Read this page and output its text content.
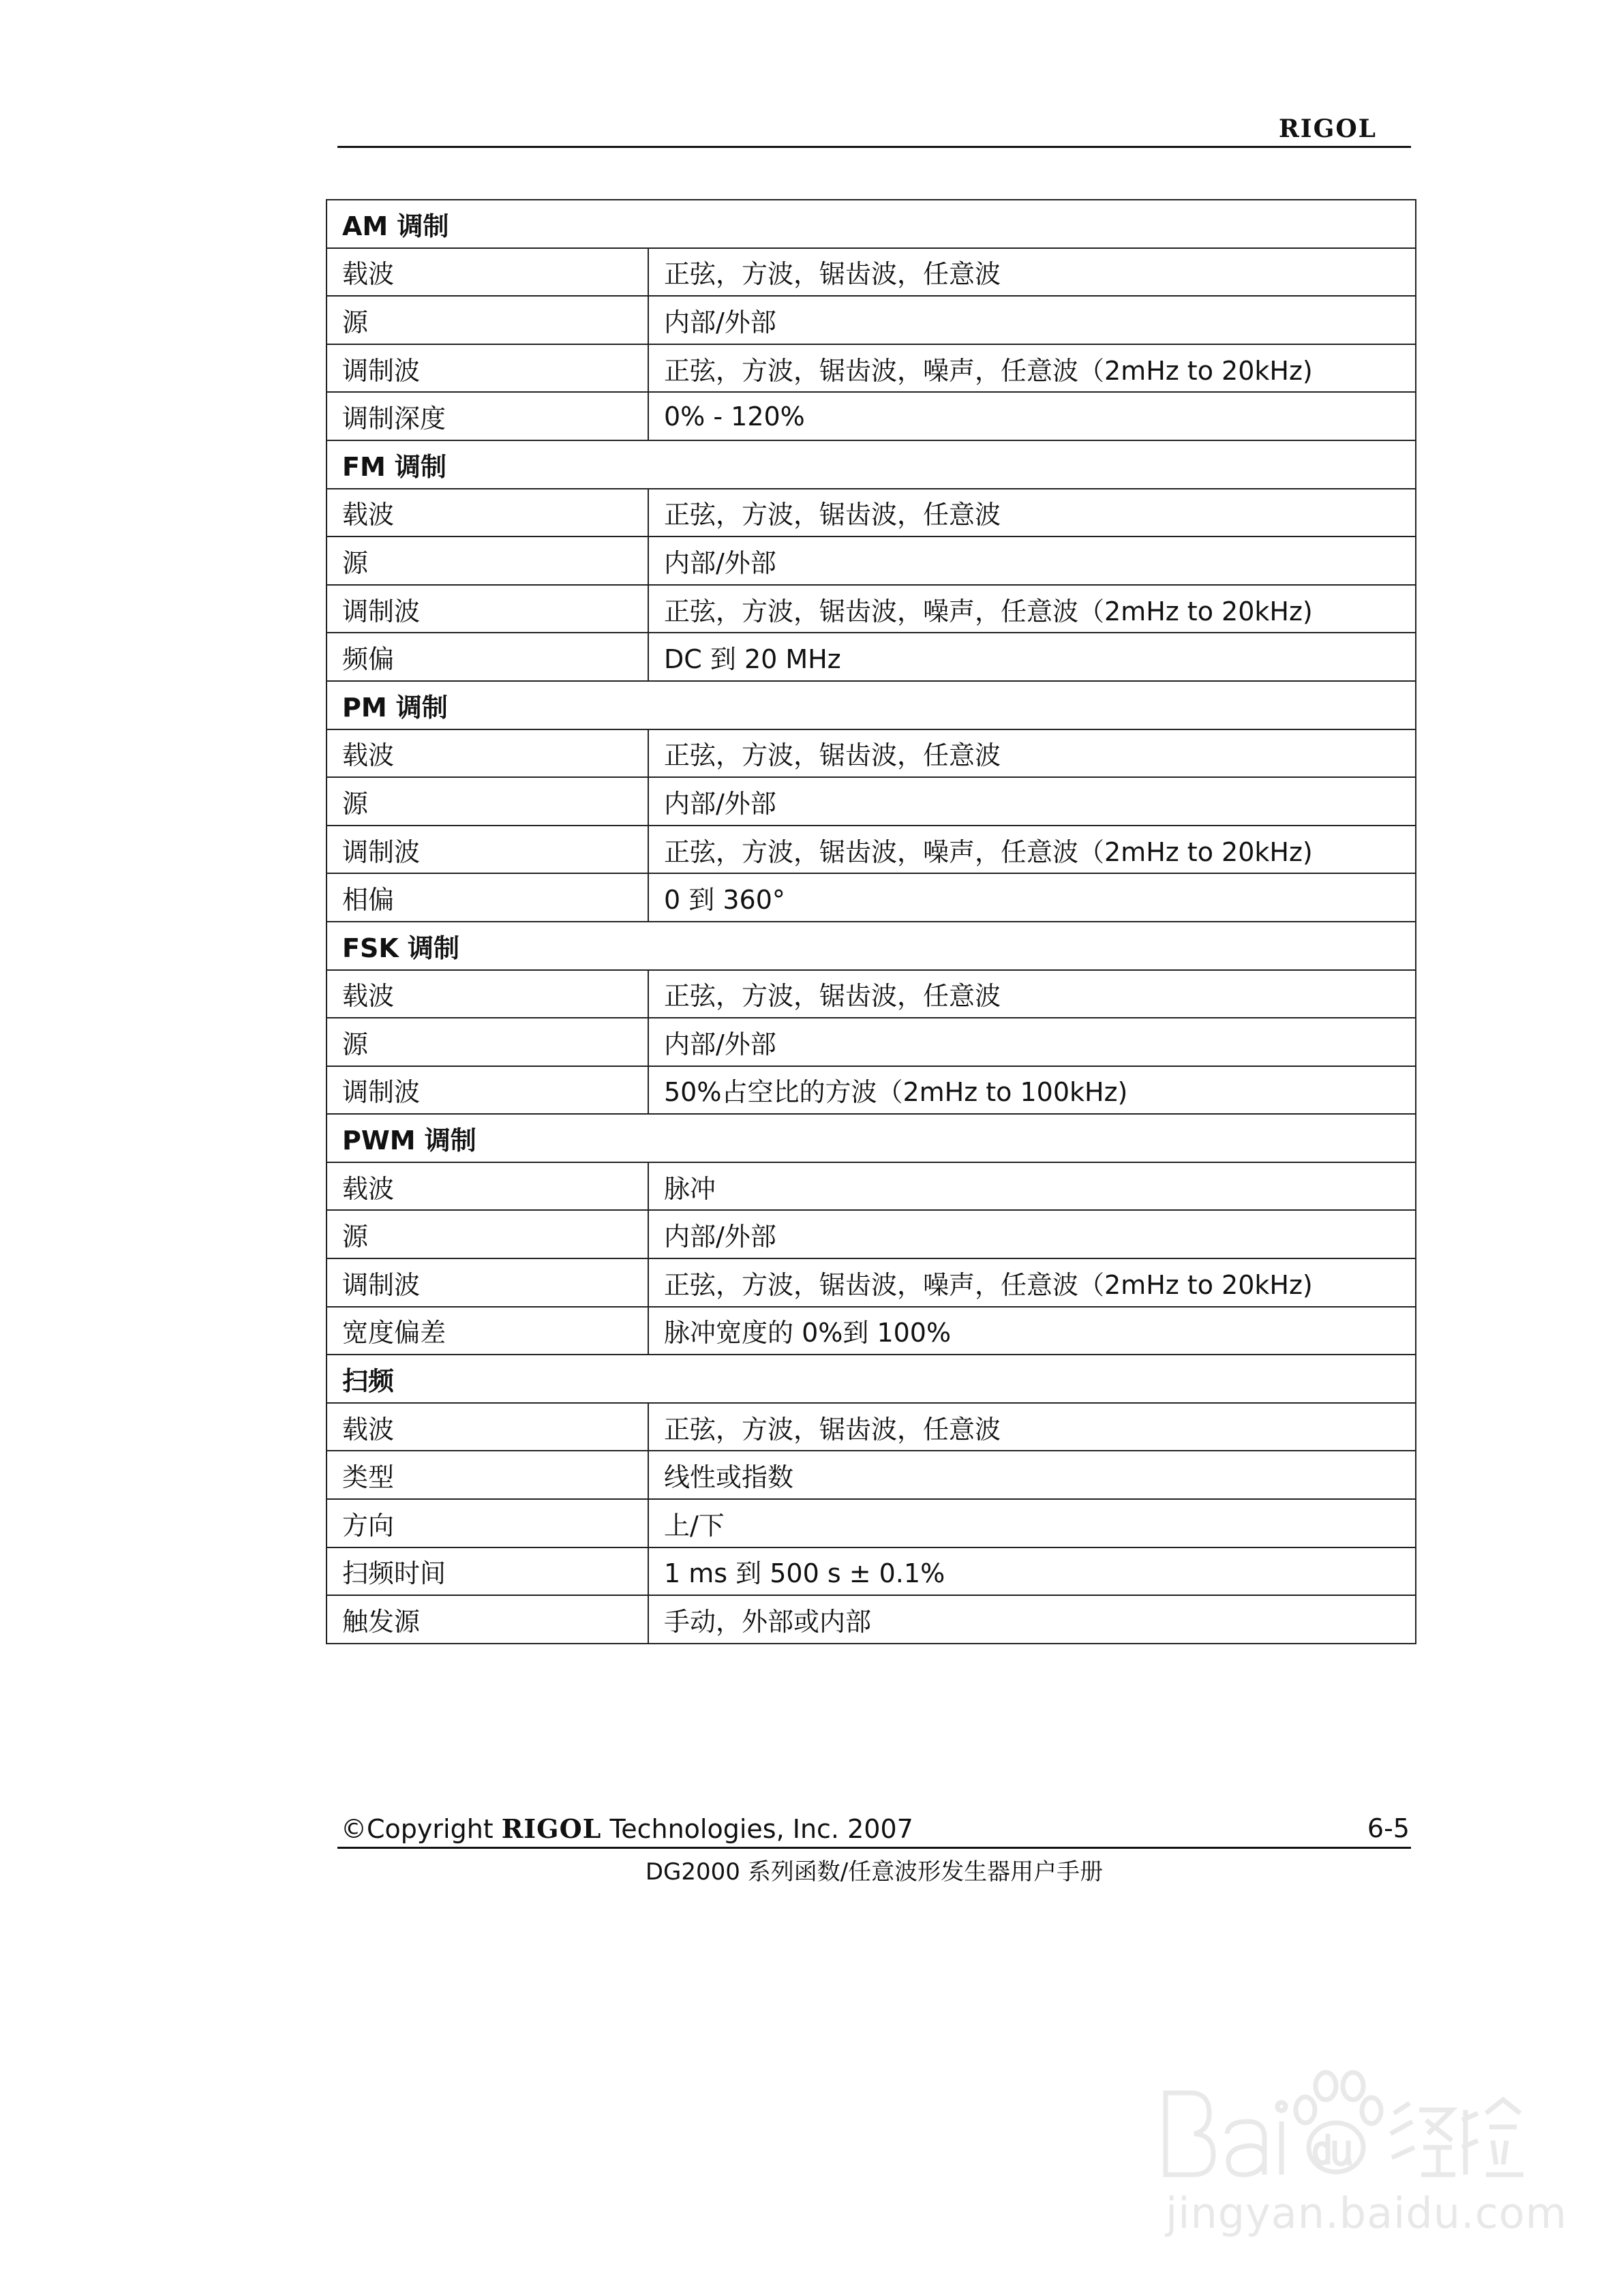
RIGOL
AM 调制	
载波	正弦，方波，锯齿波，任意波
源	内部/外部
调制波	正弦，方波，锯齿波，噪声，任意波（2mHz to 20kHz)
调制深度	0% - 120%
FM 调制	
载波	正弦，方波，锯齿波，任意波
源	内部/外部
调制波	正弦，方波，锯齿波，噪声，任意波（2mHz to 20kHz)
频偏	DC 到 20 MHz
PM 调制	
载波	正弦，方波，锯齿波，任意波
源	内部/外部
调制波	正弦，方波，锯齿波，噪声，任意波（2mHz to 20kHz)
相偏	0 到 360°
FSK 调制	
载波	正弦，方波，锯齿波，任意波
源	内部/外部
调制波	50%占空比的方波（2mHz to 100kHz)
PWM 调制	
载波	脉冲
源	内部/外部
调制波	正弦，方波，锯齿波，噪声，任意波（2mHz to 20kHz)
宽度偏差	脉冲宽度的 0%到 100%
扫频	
载波	正弦，方波，锯齿波，任意波
类型	线性或指数
方向	上/下
扫频时间	1 ms 到 500 s ± 0.1%
触发源	手动，外部或内部
©Copyright RIGOL Technologies, Inc. 2007	6-5
DG2000 系列函数/任意波形发生器用户手册
jingyan.baidu.com
